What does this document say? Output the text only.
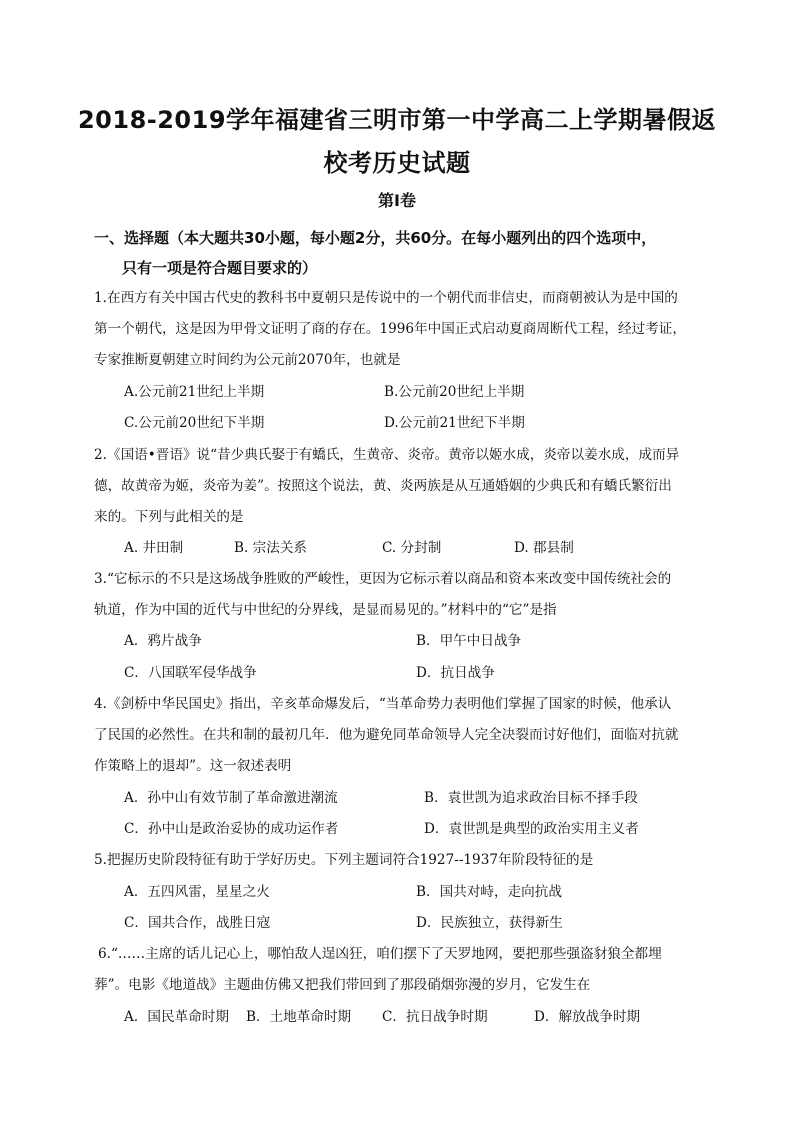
2018-2019学年福建省三明市第一中学高二上学期暑假返
校考历史试题
第Ⅰ卷
一、选择题（本大题共30小题，每小题2分，共60分。在每小题列出的四个选项中，
只有一项是符合题目要求的）
1.在西方有关中国古代史的教科书中夏朝只是传说中的一个朝代而非信史，而商朝被认为是中国的
第一个朝代，这是因为甲骨文证明了商的存在。1996年中国正式启动夏商周断代工程，经过考证，
专家推断夏朝建立时间约为公元前2070年，也就是
A.公元前21世纪上半期	B.公元前20世纪上半期
C.公元前20世纪下半期	D.公元前21世纪下半期
2.《国语•晋语》说“昔少典氏娶于有蟜氏，生黄帝、炎帝。黄帝以姬水成，炎帝以姜水成，成而异
德，故黄帝为姬，炎帝为姜”。按照这个说法，黄、炎两族是从互通婚姻的少典氏和有蟜氏繁衍出
来的。下列与此相关的是
A. 井田制	B. 宗法关系	C. 分封制	D. 郡县制
3.“它标示的不只是这场战争胜败的严峻性，更因为它标示着以商品和资本来改变中国传统社会的
轨道，作为中国的近代与中世纪的分界线，是显而易见的。”材料中的“它”是指
A．鸦片战争	B．甲午中日战争
C．八国联军侵华战争	D．抗日战争
4.《剑桥中华民国史》指出，辛亥革命爆发后，“当革命势力表明他们掌握了国家的时候，他承认
了民国的必然性。在共和制的最初几年．他为避免同革命领导人完全决裂而讨好他们，面临对抗就
作策略上的退却”。这一叙述表明
A．孙中山有效节制了革命激进潮流	B．袁世凯为追求政治目标不择手段
C．孙中山是政治妥协的成功运作者	D．袁世凯是典型的政治实用主义者
5.把握历史阶段特征有助于学好历史。下列主题词符合1927--1937年阶段特征的是
A．五四风雷，星星之火	B．国共对峙，走向抗战
C．国共合作，战胜日寇	D．民族独立，获得新生
6.“……主席的话儿记心上，哪怕敌人逞凶狂，咱们摆下了天罗地网，要把那些强盗豺狼全都埋
葬”。电影《地道战》主题曲仿佛又把我们带回到了那段硝烟弥漫的岁月，它发生在
A．国民革命时期 B．土地革命时期 C．抗日战争时期	D．解放战争时期
